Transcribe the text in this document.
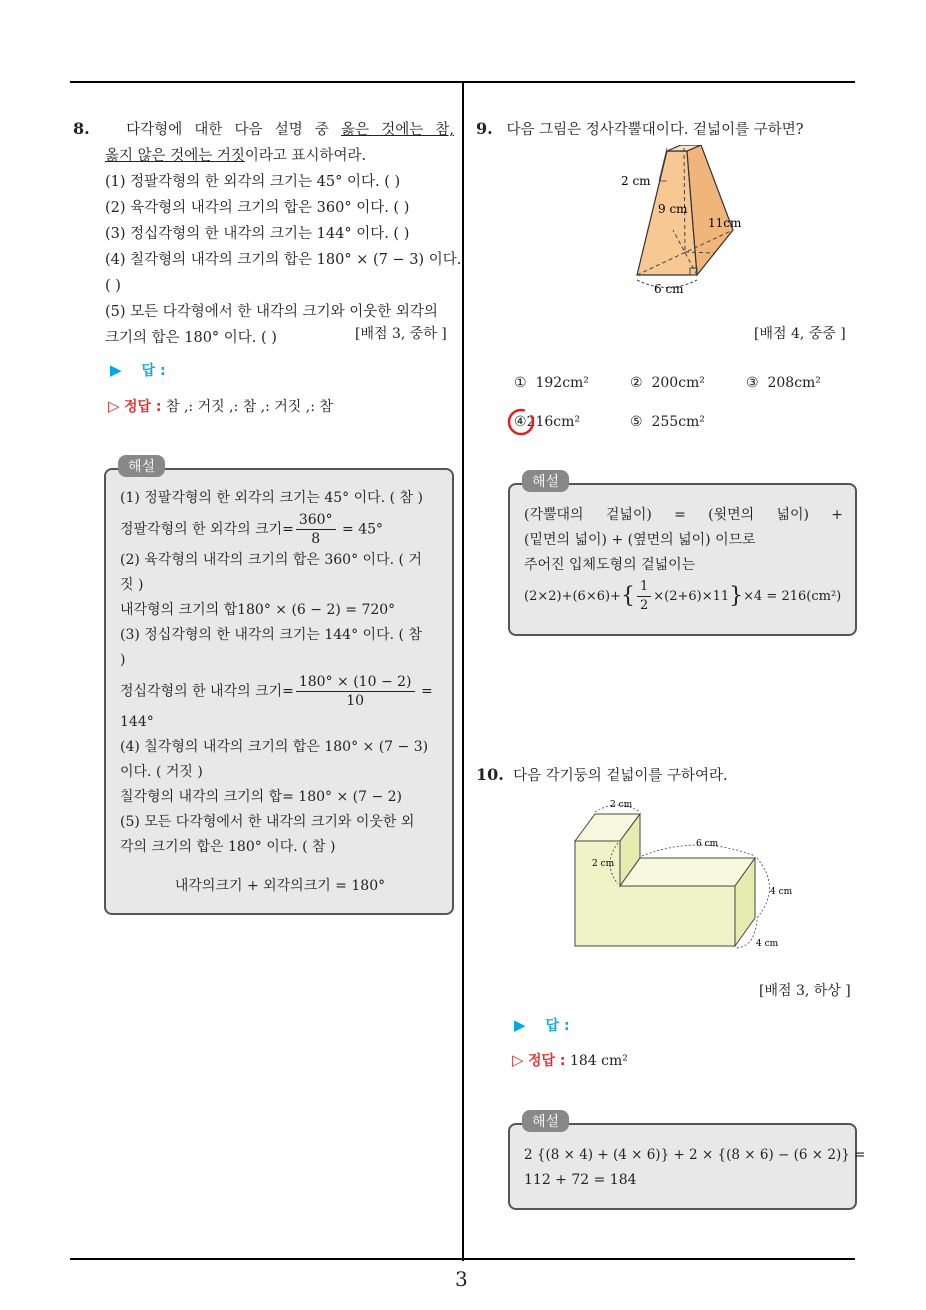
3
8.	다각형에 대한 다음 설명 중 옳은 것에는 참,
옳지 않은 것에는 거짓이라고 표시하여라.
(1) 정팔각형의 한 외각의 크기는 45° 이다. ( )
(2) 육각형의 내각의 크기의 합은 360° 이다. ( )
(3) 정십각형의 한 내각의 크기는 144° 이다. ( )
(4) 칠각형의 내각의 크기의 합은 180° × (7 − 3) 이다.
( )
(5) 모든 다각형에서 한 내각의 크기와 이웃한 외각의
크기의 합은 180° 이다. ( )	[배점 3, 중하 ]
▶ 답 :
▷ 정답 : 참 ,: 거짓 ,: 참 ,: 거짓 ,: 참
(1) 정팔각형의 한 외각의 크기는 45° 이다. ( 참 )
정팔각형의 한 외각의 크기= $\frac{360^\circ}{8} = 45^\circ$
(2) 육각형의 내각의 크기의 합은 360° 이다. ( 거
짓 )
내각형의 크기의 합180° × (6 − 2) = 720°
(3) 정십각형의 한 내각의 크기는 144° 이다. ( 참
)
정십각형의 한 내각의 크기= $\frac{180^\circ \times (10 - 2)}{10}$ =
144°
(4) 칠각형의 내각의 크기의 합은 180° × (7 − 3)
이다. ( 거짓 )
칠각형의 내각의 크기의 합= 180° × (7 − 2)
(5) 모든 다각형에서 한 내각의 크기와 이웃한 외
각의 크기의 합은 180° 이다. ( 참 )
내각의크기 + 외각의크기 = 180°
해설
9. 다음 그림은 정사각뿔대이다. 겉넓이를 구하면?
2 cm
9 cm
11cm
6 cm
[배점 4, 중중 ]
① 192cm²	② 200cm²	③ 208cm²
④216cm²	⑤ 255cm²
(각뿔대의 겉넓이) = (윗면의 넓이) +
(밑면의 넓이) + (옆면의 넓이) 이므로
주어진 입체도형의 겉넓이는
$(2\times 2)+(6\times 6)+\{ \frac{1}{2} \times(2+6)\times 11\}\times 4 = 216(cm^2)$
해설
10. 다음 각기둥의 겉넓이를 구하여라.
2 cm
2 cm
6 cm
4 cm
4 cm
[배점 3, 하상 ]
▶ 답 :
▷ 정답 : 184 cm²
2 {(8 × 4) + (4 × 6)} + 2 × {(8 × 6) − (6 × 2)} =
112 + 72 = 184
해설
